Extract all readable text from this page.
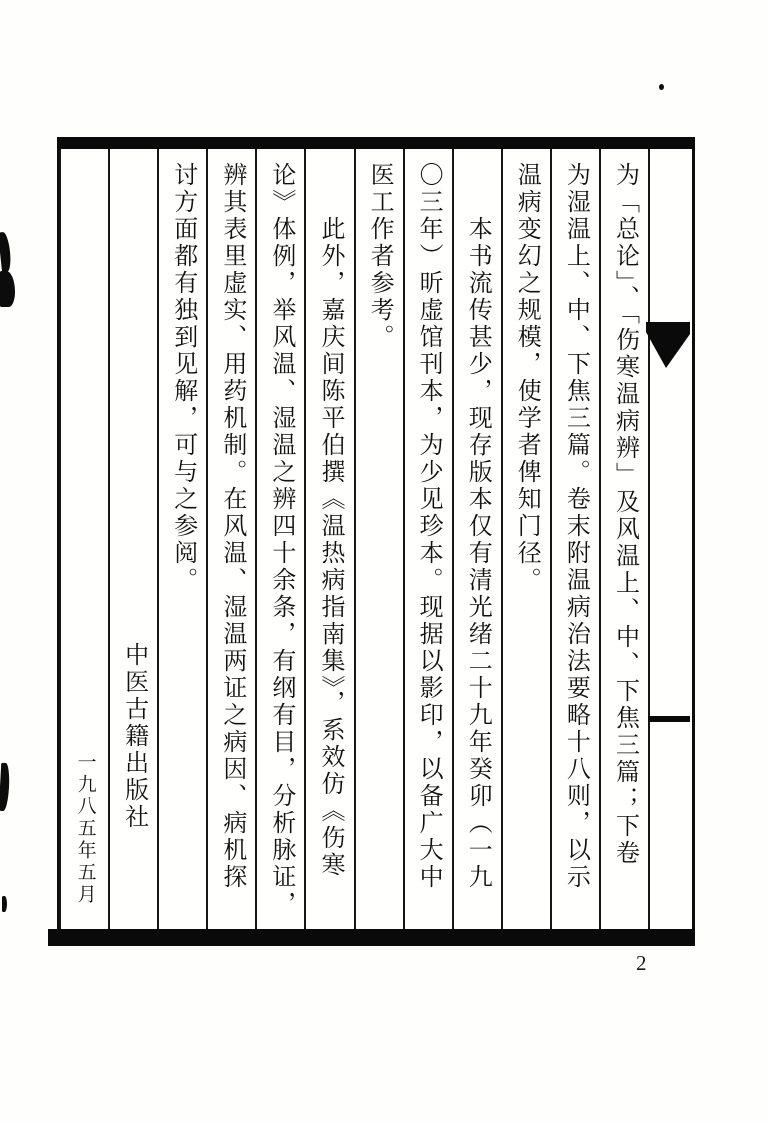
为「总论」、「伤寒温病辨」及风温上、中、下焦三篇；下卷
为湿温上、中、下焦三篇。卷末附温病治法要略十八则，以示
温病变幻之规模，使学者俾知门径。
本书流传甚少，现存版本仅有清光绪二十九年癸卯（一九
〇三年）昕虚馆刊本，为少见珍本。现据以影印，以备广大中
医工作者参考。
此外，嘉庆间陈平伯撰《温热病指南集》，系效仿《伤寒
论》体例，举风温、湿温之辨四十余条，有纲有目，分析脉证，
辨其表里虚实、用药机制。在风温、湿温两证之病因、病机探
讨方面都有独到见解，可与之参阅。
中医古籍出版社
一九八五年五月
2
